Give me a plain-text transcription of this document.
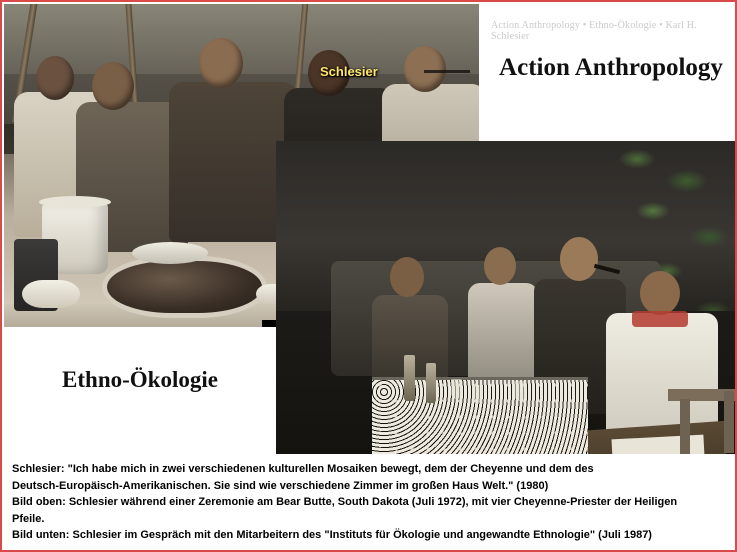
Action Anthropology • Ethno-Ökologie • Karl H. Schlesier
Action Anthropology
Ethno-Ökologie
Schlesier

Schlesier: "Ich habe mich in zwei verschiedenen kulturellen Mosaiken bewegt, dem der Cheyenne und dem des

Deutsch-Europäisch-Amerikanischen. Sie sind wie verschiedene Zimmer im großen Haus Welt." (1980)

Bild oben: Schlesier während einer Zeremonie am Bear Butte, South Dakota (Juli 1972), mit vier Cheyenne-Priester der Heiligen

Pfeile.

Bild unten: Schlesier im Gespräch mit den Mitarbeitern des "Instituts für Ökologie und angewandte Ethnologie" (Juli 1987)
